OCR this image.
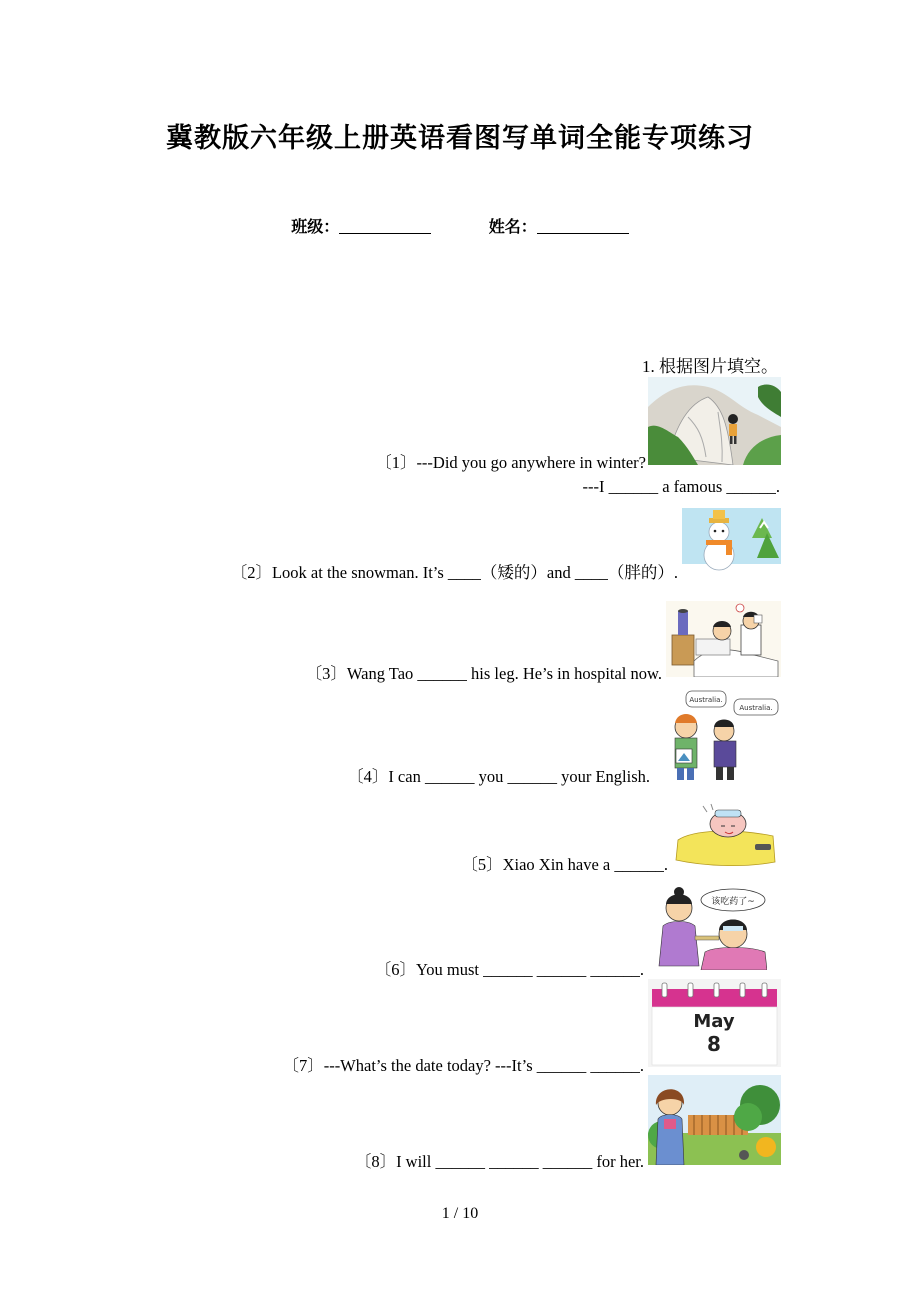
冀教版六年级上册英语看图写单词全能专项练习
班级：	姓名：
1. 根据图片填空。
〔1〕---Did you go anywhere in winter?
---I ______ a famous ______.
〔2〕Look at the snowman. It’s ____（矮的）and ____（胖的）.
〔3〕Wang Tao ______ his leg. He’s in hospital now.
〔4〕I can ______ you ______ your English.
Australia.
Australia.
〔5〕Xiao Xin have a ______.
〔6〕You must ______ ______ ______.
该吃药了~
〔7〕---What’s the date today? ---It’s ______ ______.
May
8
〔8〕I will ______ ______ ______ for her.
1 / 10
